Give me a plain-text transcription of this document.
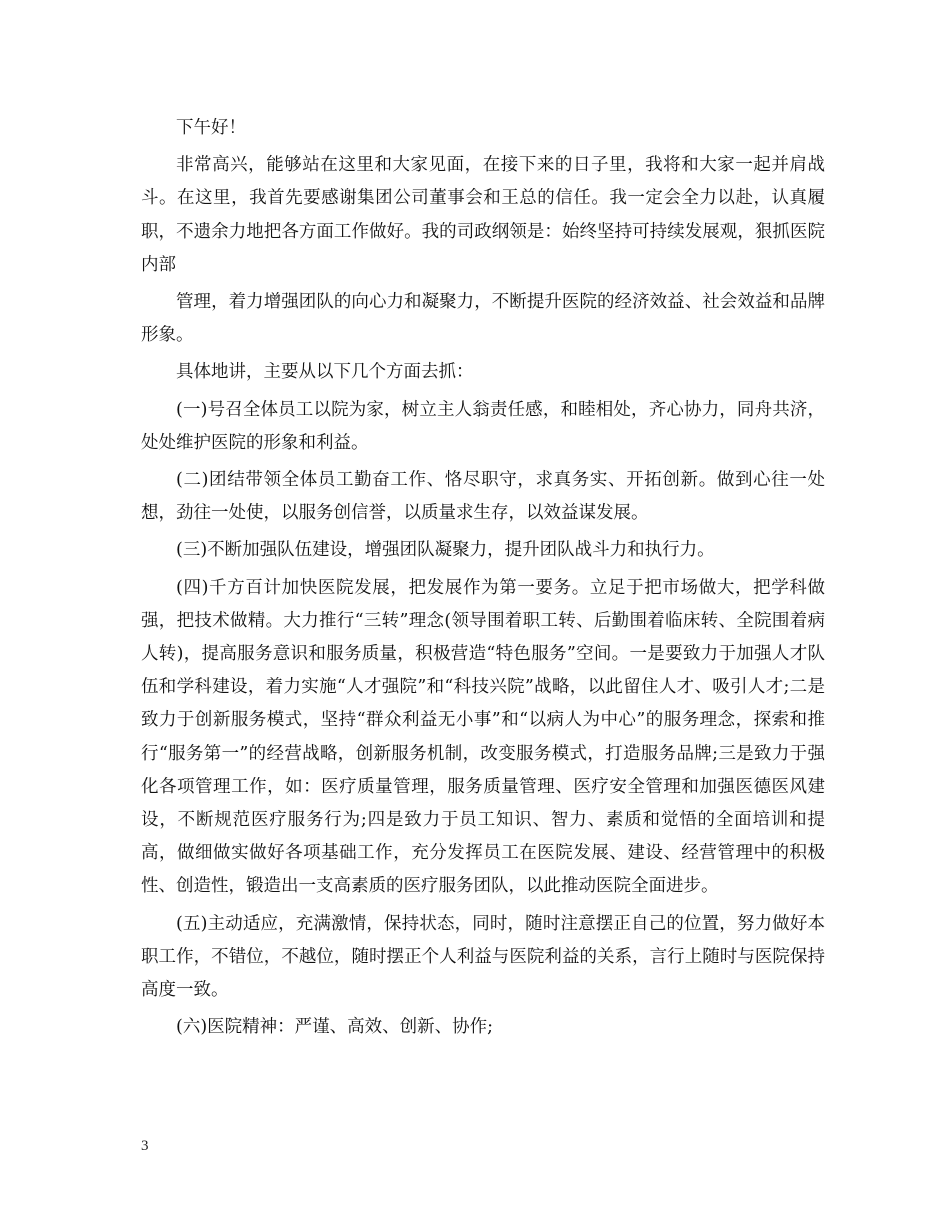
下午好！

非常高兴，能够站在这里和大家见面，在接下来的日子里，我将和大家一起并肩战斗。在这里，我首先要感谢集团公司董事会和王总的信任。我一定会全力以赴，认真履职，不遗余力地把各方面工作做好。我的司政纲领是：始终坚持可持续发展观，狠抓医院内部

管理，着力增强团队的向心力和凝聚力，不断提升医院的经济效益、社会效益和品牌形象。

具体地讲，主要从以下几个方面去抓：

(一)号召全体员工以院为家，树立主人翁责任感，和睦相处，齐心协力，同舟共济，处处维护医院的形象和利益。

(二)团结带领全体员工勤奋工作、恪尽职守，求真务实、开拓创新。做到心往一处想，劲往一处使，以服务创信誉，以质量求生存，以效益谋发展。

(三)不断加强队伍建设，增强团队凝聚力，提升团队战斗力和执行力。

(四)千方百计加快医院发展，把发展作为第一要务。立足于把市场做大，把学科做强，把技术做精。大力推行“三转”理念(领导围着职工转、后勤围着临床转、全院围着病人转)，提高服务意识和服务质量，积极营造“特色服务”空间。一是要致力于加强人才队伍和学科建设，着力实施“人才强院”和“科技兴院”战略，以此留住人才、吸引人才;二是致力于创新服务模式，坚持“群众利益无小事”和“以病人为中心”的服务理念，探索和推行“服务第一”的经营战略，创新服务机制，改变服务模式，打造服务品牌;三是致力于强化各项管理工作，如：医疗质量管理，服务质量管理、医疗安全管理和加强医德医风建设，不断规范医疗服务行为;四是致力于员工知识、智力、素质和觉悟的全面培训和提高，做细做实做好各项基础工作，充分发挥员工在医院发展、建设、经营管理中的积极性、创造性，锻造出一支高素质的医疗服务团队，以此推动医院全面进步。

(五)主动适应，充满激情，保持状态，同时，随时注意摆正自己的位置，努力做好本职工作，不错位，不越位，随时摆正个人利益与医院利益的关系，言行上随时与医院保持高度一致。

(六)医院精神：严谨、高效、创新、协作;

3
